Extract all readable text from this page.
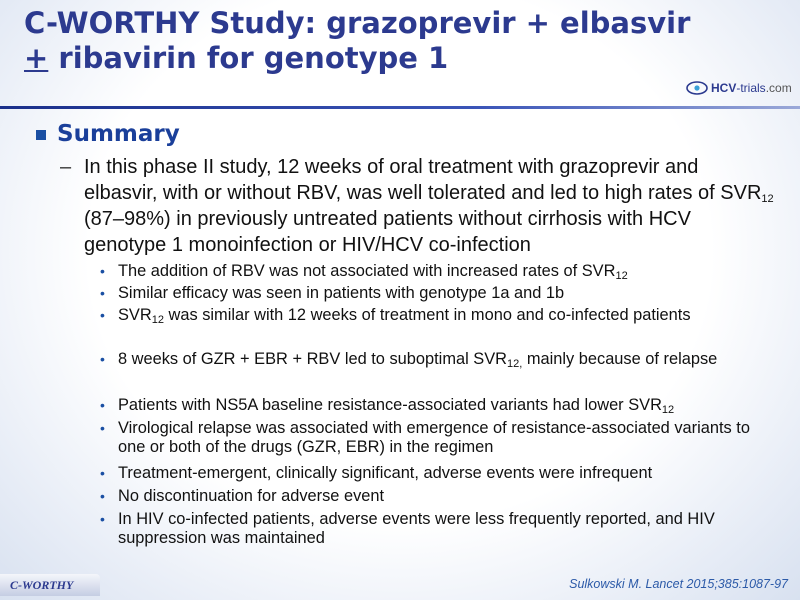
C-WORTHY Study: grazoprevir + elbasvir
+ ribavirin for genotype 1
HCV -trials .com
Summary
– In this phase II study, 12 weeks of oral treatment with grazoprevir and elbasvir, with or without RBV, was well tolerated and led to high rates of $SVR_{12}$ (87–98%) in previously untreated patients without cirrhosis with HCV genotype 1 monoinfection or HIV/HCV co-infection
• The addition of RBV was not associated with increased rates of $SVR_{12}$
• Similar efficacy was seen in patients with genotype 1a and 1b
• $SVR_{12}$ was similar with 12 weeks of treatment in mono and co-infected patients
• 8 weeks of GZR + EBR + RBV led to suboptimal $SVR_{12,}$ mainly because of relapse
• Patients with NS5A baseline resistance-associated variants had lower $SVR_{12}$
• Virological relapse was associated with emergence of resistance-associated variants to one or both of the drugs (GZR, EBR) in the regimen
• Treatment-emergent, clinically significant, adverse events were infrequent
• No discontinuation for adverse event
• In HIV co-infected patients, adverse events were less frequently reported, and HIV suppression was maintained
C-WORTHY	Sulkowski M. Lancet 2015;385:1087-97
